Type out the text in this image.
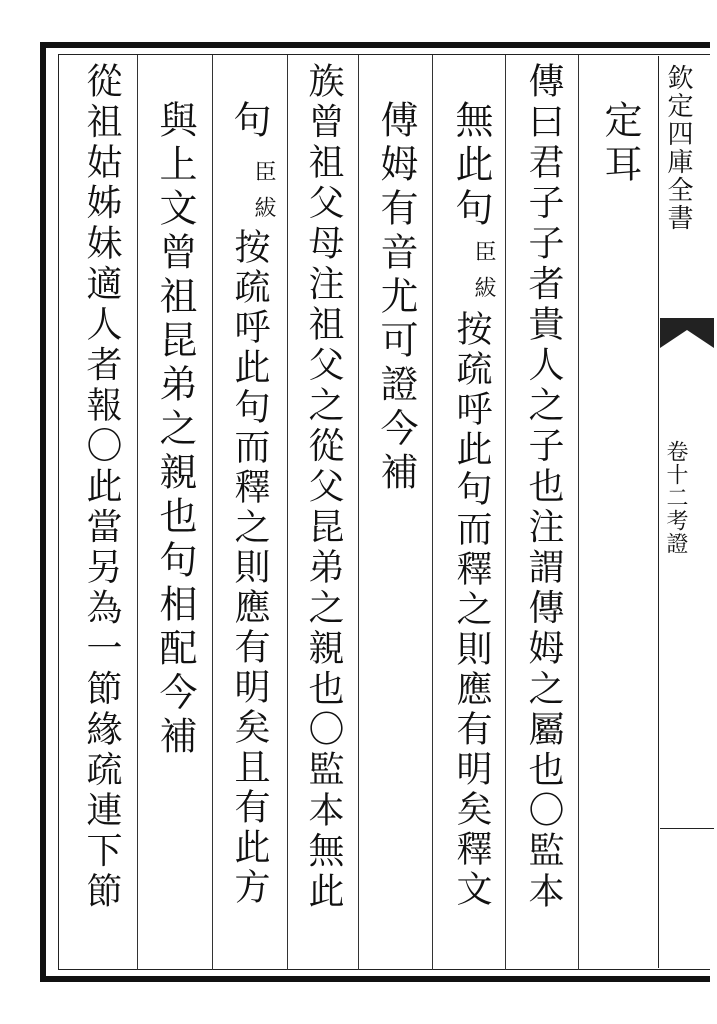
傳曰君子子者貴人之子也注謂傳姆之屬也〇監本 定耳
無此句
臣紱
按疏呼此句而釋之則應有明矣釋文
傅姆有音尤可證今補
族曾祖父母注祖父之從父昆弟之親也〇監本無此
句
臣紱
按疏呼此句而釋之則應有明矣且有此方
與上文曾祖昆弟之親也句相配今補
從祖姑姊妹適人者報〇此當另為一節緣疏連下節	欽定四庫全書
卷十二考證
